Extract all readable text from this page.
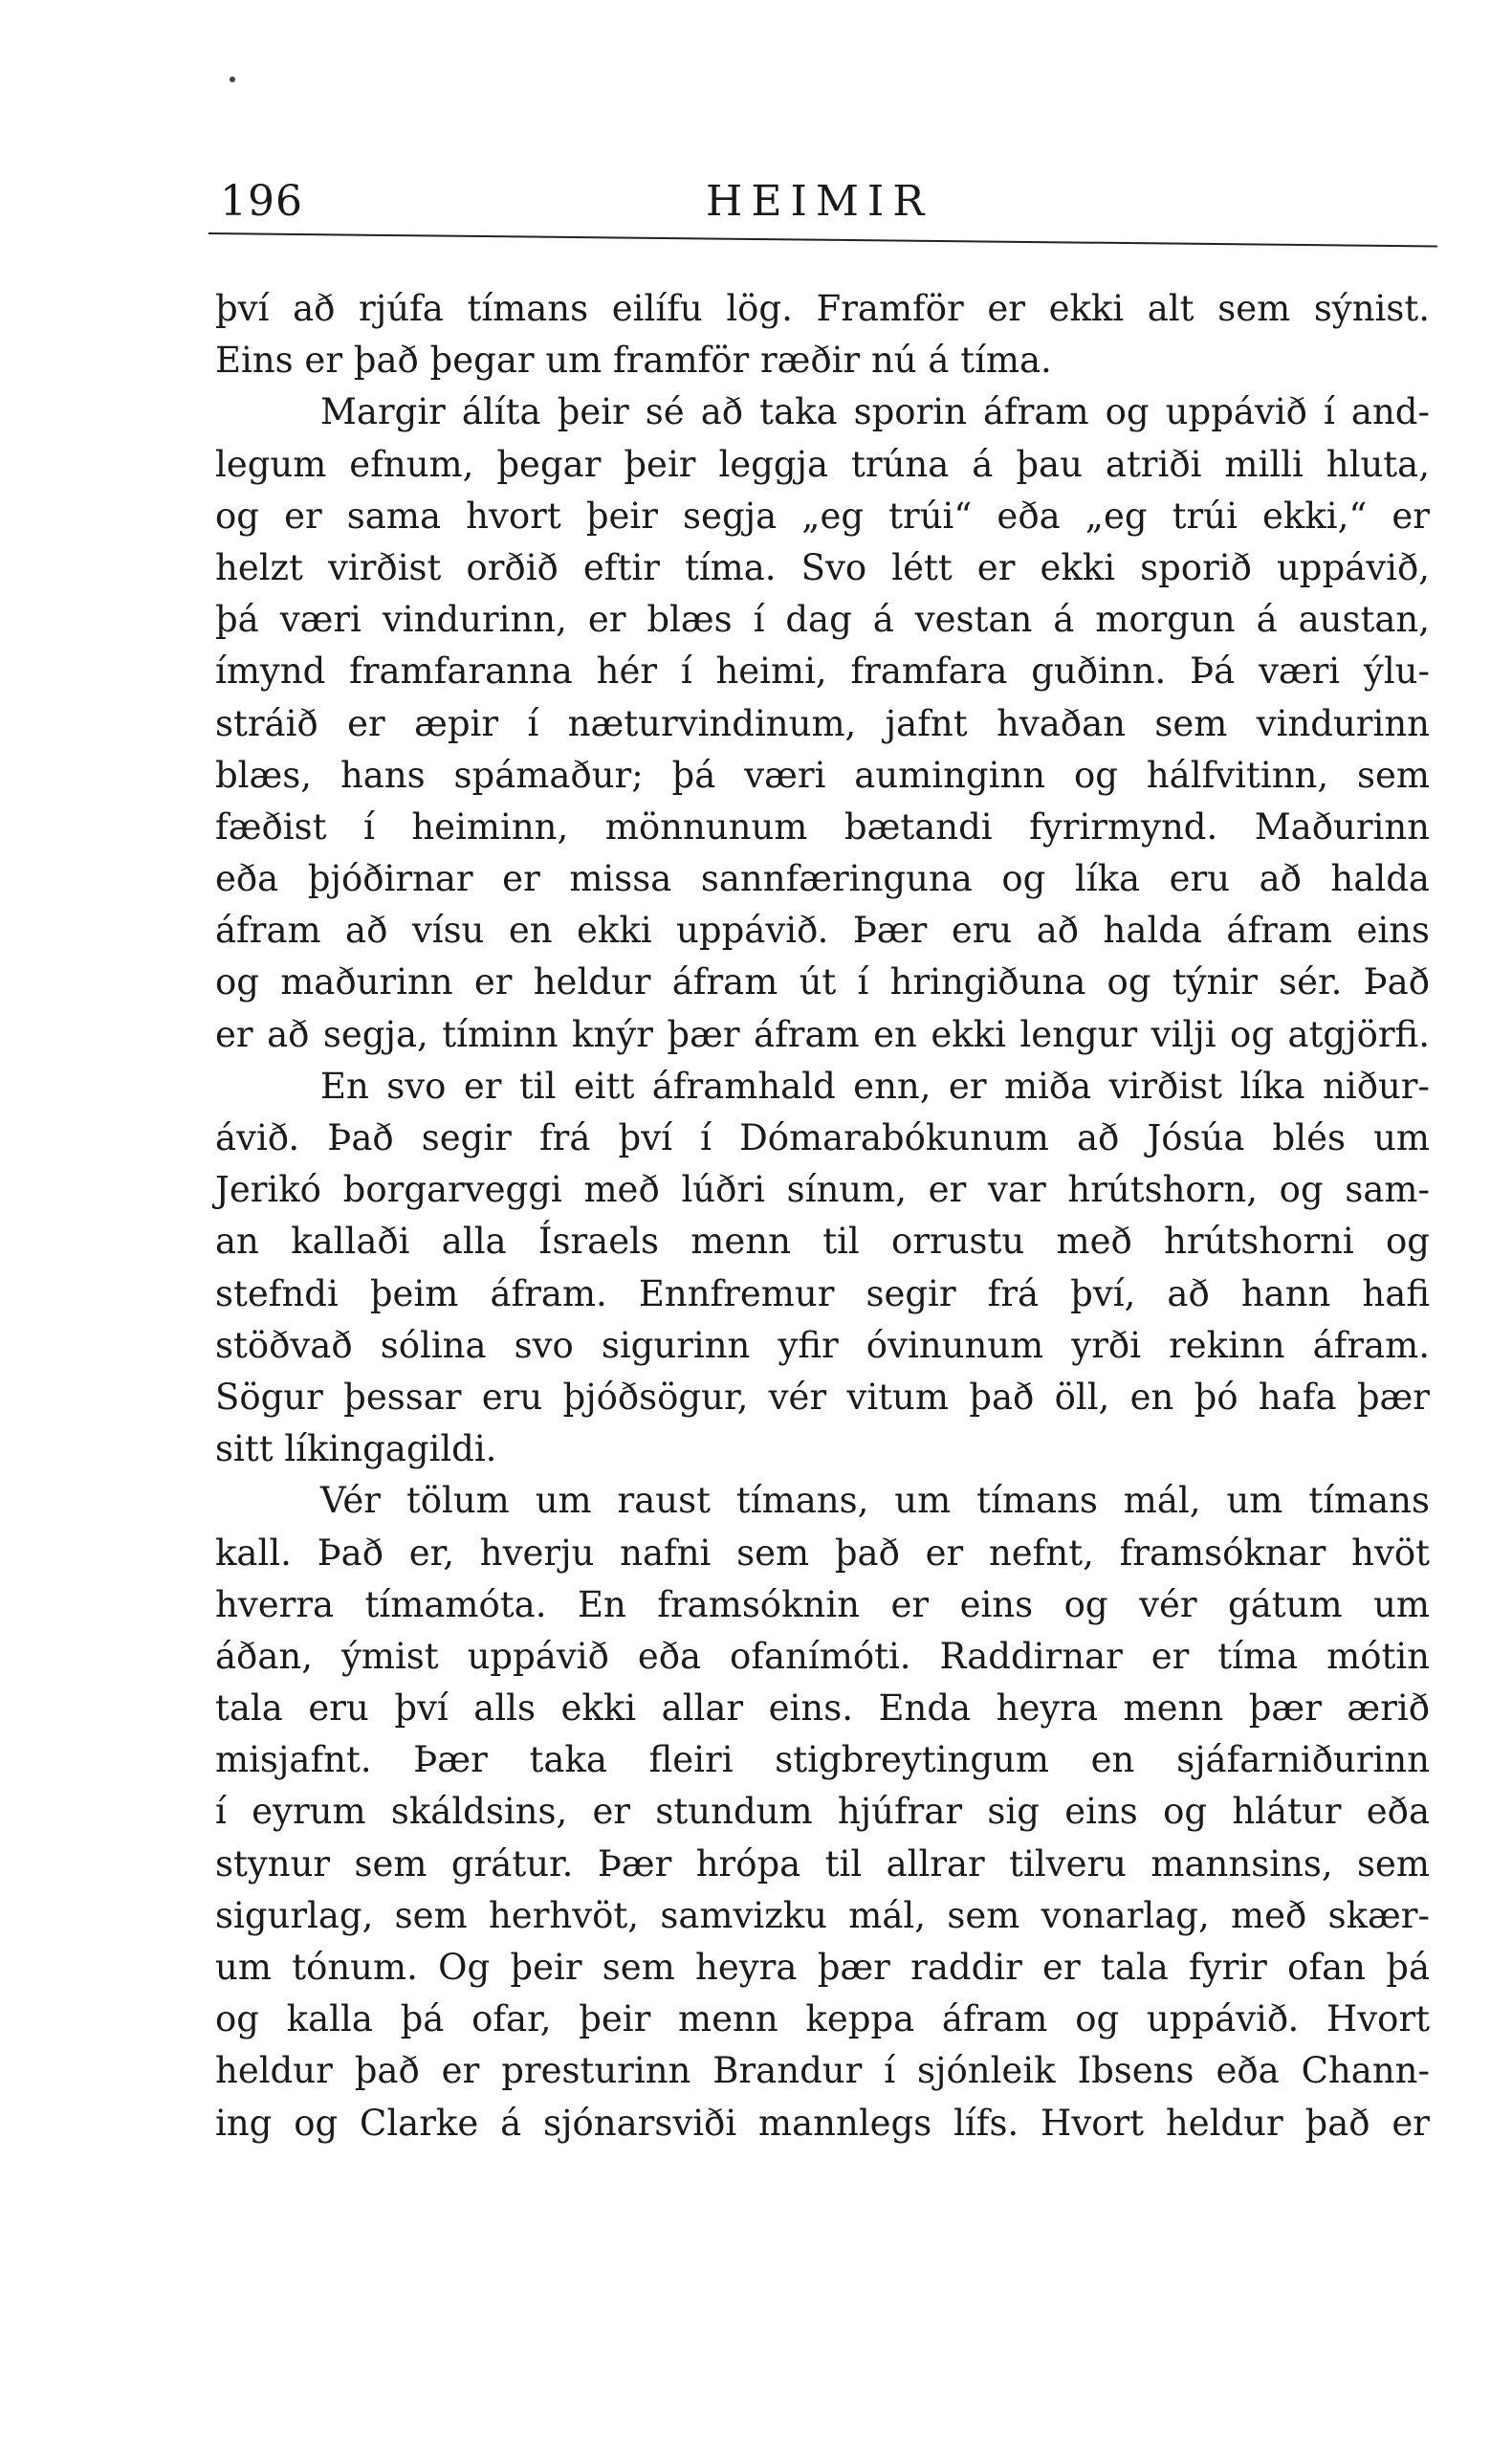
196	HEIMIR
því að rjúfa tímans eilífu lög. Framför er ekki alt sem sýnist.
Eins er það þegar um framför ræðir nú á tíma.
Margir álíta þeir sé að taka sporin áfram og uppávið í and-
legum efnum, þegar þeir leggja trúna á þau atriði milli hluta,
og er sama hvort þeir segja „eg trúi“ eða „eg trúi ekki,“ er
helzt virðist orðið eftir tíma. Svo létt er ekki sporið uppávið,
þá væri vindurinn, er blæs í dag á vestan á morgun á austan,
ímynd framfaranna hér í heimi, framfara guðinn. Þá væri ýlu-
stráið er æpir í næturvindinum, jafnt hvaðan sem vindurinn
blæs, hans spámaður; þá væri auminginn og hálfvitinn, sem
fæðist í heiminn, mönnunum bætandi fyrirmynd. Maðurinn
eða þjóðirnar er missa sannfæringuna og líka eru að halda
áfram að vísu en ekki uppávið. Þær eru að halda áfram eins
og maðurinn er heldur áfram út í hringiðuna og týnir sér. Það
er að segja, tíminn knýr þær áfram en ekki lengur vilji og atgjörfi.
En svo er til eitt áframhald enn, er miða virðist líka niður-
ávið. Það segir frá því í Dómarabókunum að Jósúa blés um
Jerikó borgarveggi með lúðri sínum, er var hrútshorn, og sam-
an kallaði alla Ísraels menn til orrustu með hrútshorni og
stefndi þeim áfram. Ennfremur segir frá því, að hann hafi
stöðvað sólina svo sigurinn yfir óvinunum yrði rekinn áfram.
Sögur þessar eru þjóðsögur, vér vitum það öll, en þó hafa þær
sitt líkingagildi.
Vér tölum um raust tímans, um tímans mál, um tímans
kall. Það er, hverju nafni sem það er nefnt, framsóknar hvöt
hverra tímamóta. En framsóknin er eins og vér gátum um
áðan, ýmist uppávið eða ofanímóti. Raddirnar er tíma mótin
tala eru því alls ekki allar eins. Enda heyra menn þær ærið
misjafnt. Þær taka fleiri stigbreytingum en sjáfarniðurinn
í eyrum skáldsins, er stundum hjúfrar sig eins og hlátur eða
stynur sem grátur. Þær hrópa til allrar tilveru mannsins, sem
sigurlag, sem herhvöt, samvizku mál, sem vonarlag, með skær-
um tónum. Og þeir sem heyra þær raddir er tala fyrir ofan þá
og kalla þá ofar, þeir menn keppa áfram og uppávið. Hvort
heldur það er presturinn Brandur í sjónleik Ibsens eða Chann-
ing og Clarke á sjónarsviði mannlegs lífs. Hvort heldur það er
